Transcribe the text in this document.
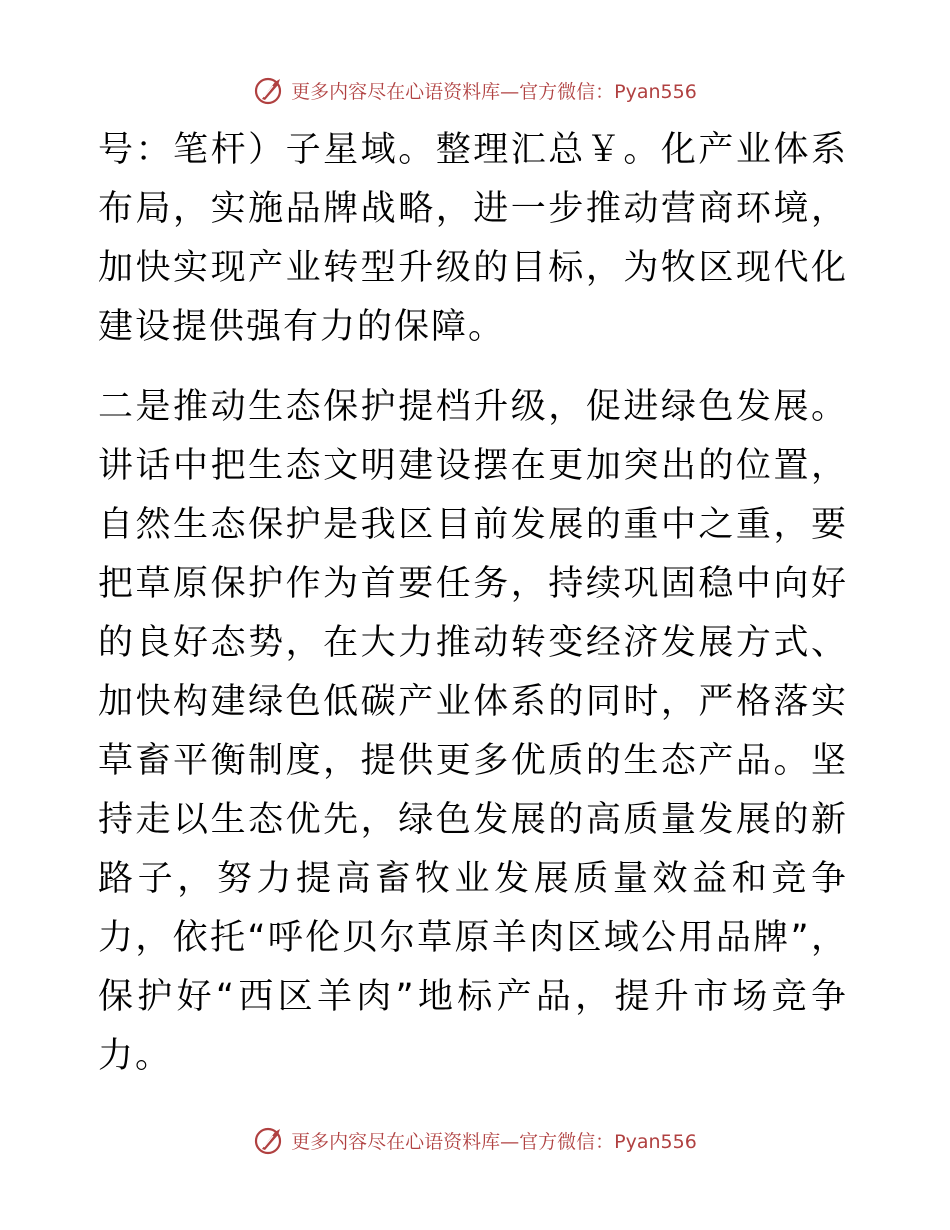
更多内容尽在心语资料库— 官方微信：Pyan556

号：笔杆）子星域。整理汇总￥。化产业体系布局，实施品牌战略，进一步推动营商环境，加快实现产业转型升级的目标，为牧区现代化建设提供强有力的保障。

二是推动生态保护提档升级，促进绿色发展。讲话中把生态文明建设摆在更加突出的位置，自然生态保护是我区目前发展的重中之重，要把草原保护作为首要任务，持续巩固稳中向好的良好态势，在大力推动转变经济发展方式、加快构建绿色低碳产业体系的同时，严格落实草畜平衡制度，提供更多优质的生态产品。坚持走以生态优先，绿色发展的高质量发展的新路子，努力提高畜牧业发展质量效益和竞争力，依托“呼伦贝尔草原羊肉区域公用品牌”，保护好“西区羊肉”地标产品，提升市场竞争力。

更多内容尽在心语资料库— 官方微信：Pyan556
